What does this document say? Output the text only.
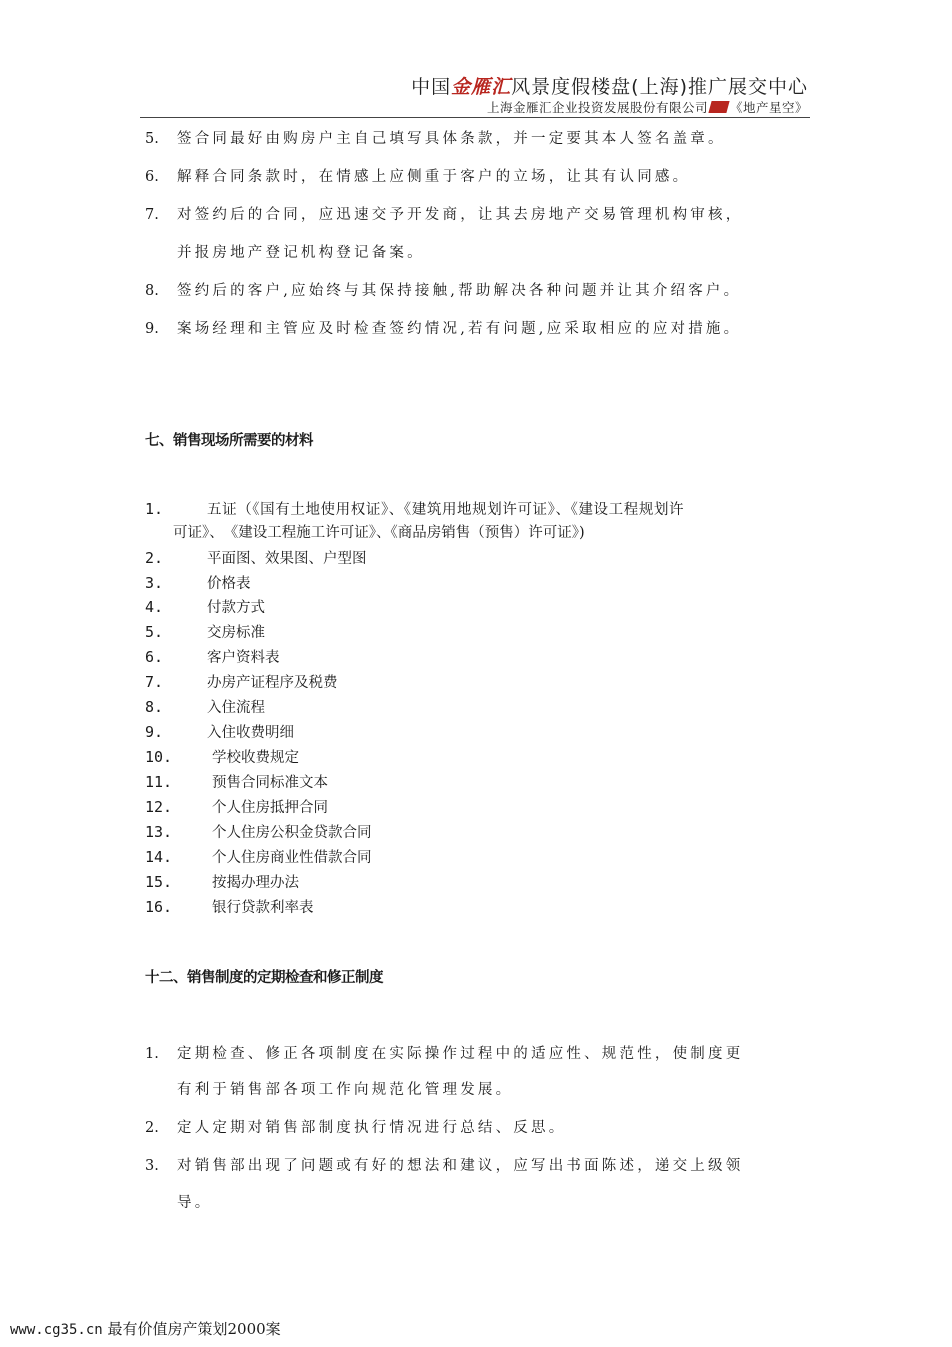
中国金雁汇风景度假楼盘(上海)推广展交中心
上海金雁汇企业投资发展股份有限公司 《地产星空》
5. 签合同最好由购房户主自己填写具体条款，并一定要其本人签名盖章。
6. 解释合同条款时，在情感上应侧重于客户的立场，让其有认同感。
7. 对签约后的合同，应迅速交予开发商，让其去房地产交易管理机构审核，
并报房地产登记机构登记备案。
8. 签约后的客户,应始终与其保持接触,帮助解决各种问题并让其介绍客户。
9. 案场经理和主管应及时检查签约情况,若有问题,应采取相应的应对措施。
七、销售现场所需要的材料
1.	五证（《国有土地使用权证》、《建筑用地规划许可证》、《建设工程规划许
可证》、　《建设工程施工许可证》、《商品房销售（预售）许可证》)
2.	平面图、效果图、户型图
3.	价格表
4.	付款方式
5.	交房标准
6.	客户资料表
7.	办房产证程序及税费
8.	入住流程
9.	入住收费明细
10.	学校收费规定
11.	预售合同标准文本
12.	个人住房抵押合同
13.	个人住房公积金贷款合同
14.	个人住房商业性借款合同
15.	按揭办理办法
16.	银行贷款利率表
十二、销售制度的定期检查和修正制度
1. 定期检查、修正各项制度在实际操作过程中的适应性、规范性，使制度更
有利于销售部各项工作向规范化管理发展。
2. 定人定期对销售部制度执行情况进行总结、反思。
3. 对销售部出现了问题或有好的想法和建议，应写出书面陈述，递交上级领
导。
www.cg35.cn 最有价值房产策划2000案
